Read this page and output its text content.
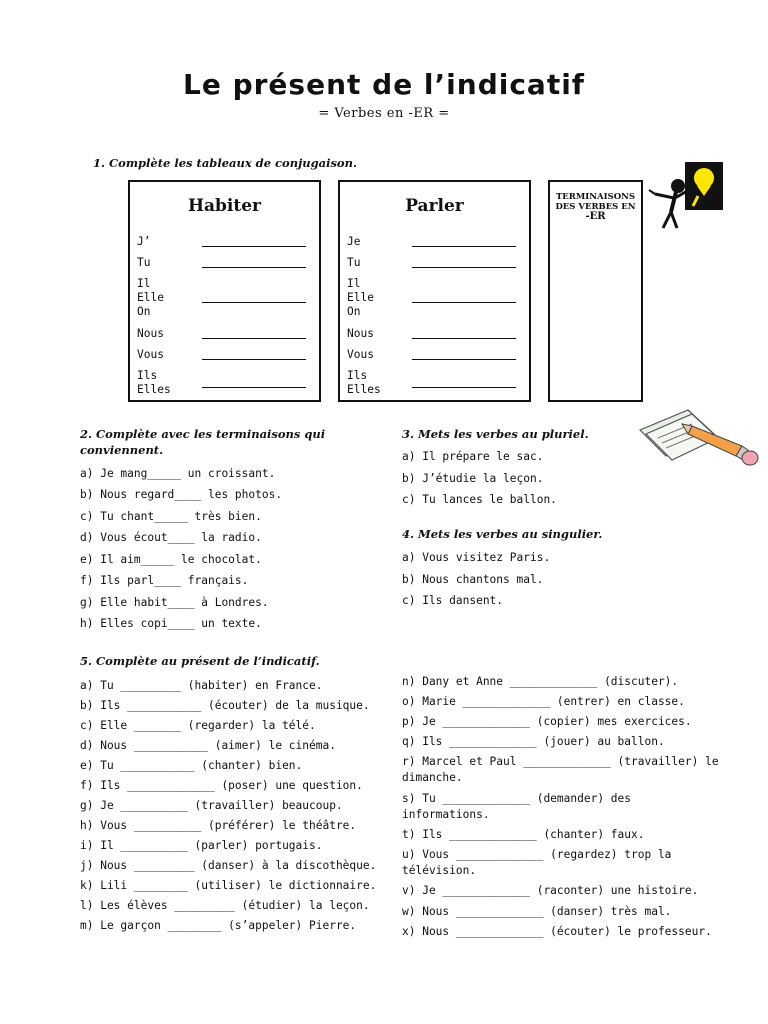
Le présent de l’indicatif
= Verbes en -ER =
1. Complète les tableaux de conjugaison.
Habiter
J’
Tu
Il
Elle
On
Nous
Vous
Ils
Elles
Parler
Je
Tu
Il
Elle
On
Nous
Vous
Ils
Elles
TERMINAISONS
DES VERBES EN
-ER
2. Complète avec les terminaisons qui
conviennent.
a) Je mang_____ un croissant.
b) Nous regard____ les photos.
c) Tu chant_____ très bien.
d) Vous écout____ la radio.
e) Il aim_____ le chocolat.
f) Ils parl____ français.
g) Elle habit____ à Londres.
h) Elles copi____ un texte.
3. Mets les verbes au pluriel.
a) Il prépare le sac.
b) J’étudie la leçon.
c) Tu lances le ballon.
4. Mets les verbes au singulier.
a) Vous visitez Paris.
b) Nous chantons mal.
c) Ils dansent.
5. Complète au présent de l’indicatif.
a) Tu _________ (habiter) en France.
b) Ils ___________ (écouter) de la musique.
c) Elle _______ (regarder) la télé.
d) Nous ___________ (aimer) le cinéma.
e) Tu ___________ (chanter) bien.
f) Ils _____________ (poser) une question.
g) Je __________ (travailler) beaucoup.
h) Vous __________ (préférer) le théâtre.
i) Il __________ (parler) portugais.
j) Nous _________ (danser) à la discothèque.
k) Lili ________ (utiliser) le dictionnaire.
l) Les élèves _________ (étudier) la leçon.
m) Le garçon ________ (s’appeler) Pierre.
n) Dany et Anne _____________ (discuter).
o) Marie _____________ (entrer) en classe.
p) Je _____________ (copier) mes exercices.
q) Ils _____________ (jouer) au ballon.
r) Marcel et Paul _____________ (travailler) le
dimanche.
s) Tu _____________ (demander) des
informations.
t) Ils _____________ (chanter) faux.
u) Vous _____________ (regardez) trop la
télévision.
v) Je _____________ (raconter) une histoire.
w) Nous _____________ (danser) très mal.
x) Nous _____________ (écouter) le professeur.
